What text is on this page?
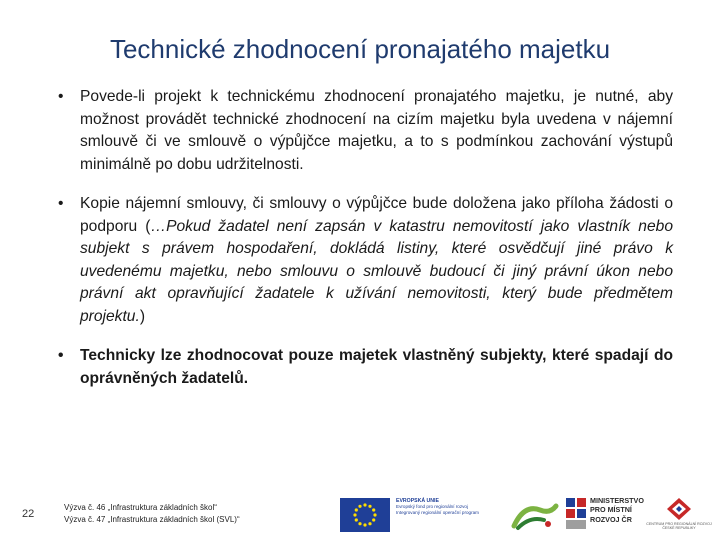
Technické zhodnocení pronajatého majetku
• Povede-li projekt k technickému zhodnocení pronajatého majetku, je nutné, aby možnost provádět technické zhodnocení na cizím majetku byla uvedena v nájemní smlouvě či ve smlouvě o výpůjčce majetku, a to s podmínkou zachování výstupů minimálně po dobu udržitelnosti.
• Kopie nájemní smlouvy, či smlouvy o výpůjčce bude doložena jako příloha žádosti o podporu (…Pokud žadatel není zapsán v katastru nemovitostí jako vlastník nebo subjekt s právem hospodaření, dokládá listiny, které osvědčují jiné právo k uvedenému majetku, nebo smlouvu o smlouvě budoucí či jiný právní úkon nebo právní akt opravňující žadatele k užívání nemovitosti, který bude předmětem projektu.)
• Technicky lze zhodnocovat pouze majetek vlastněný subjekty, které spadají do oprávněných žadatelů.
22
Výzva č. 46 „Infrastruktura základních škol“
Výzva č. 47 „Infrastruktura základních škol (SVL)“
EVROPSKÁ UNIE
Evropský fond pro regionální rozvoj
Integrovaný regionální operační program
MINISTERSTVO
PRO MÍSTNÍ
ROZVOJ ČR
CENTRUM PRO REGIONÁLNÍ ROZVOJ
ČESKÉ REPUBLIKY
